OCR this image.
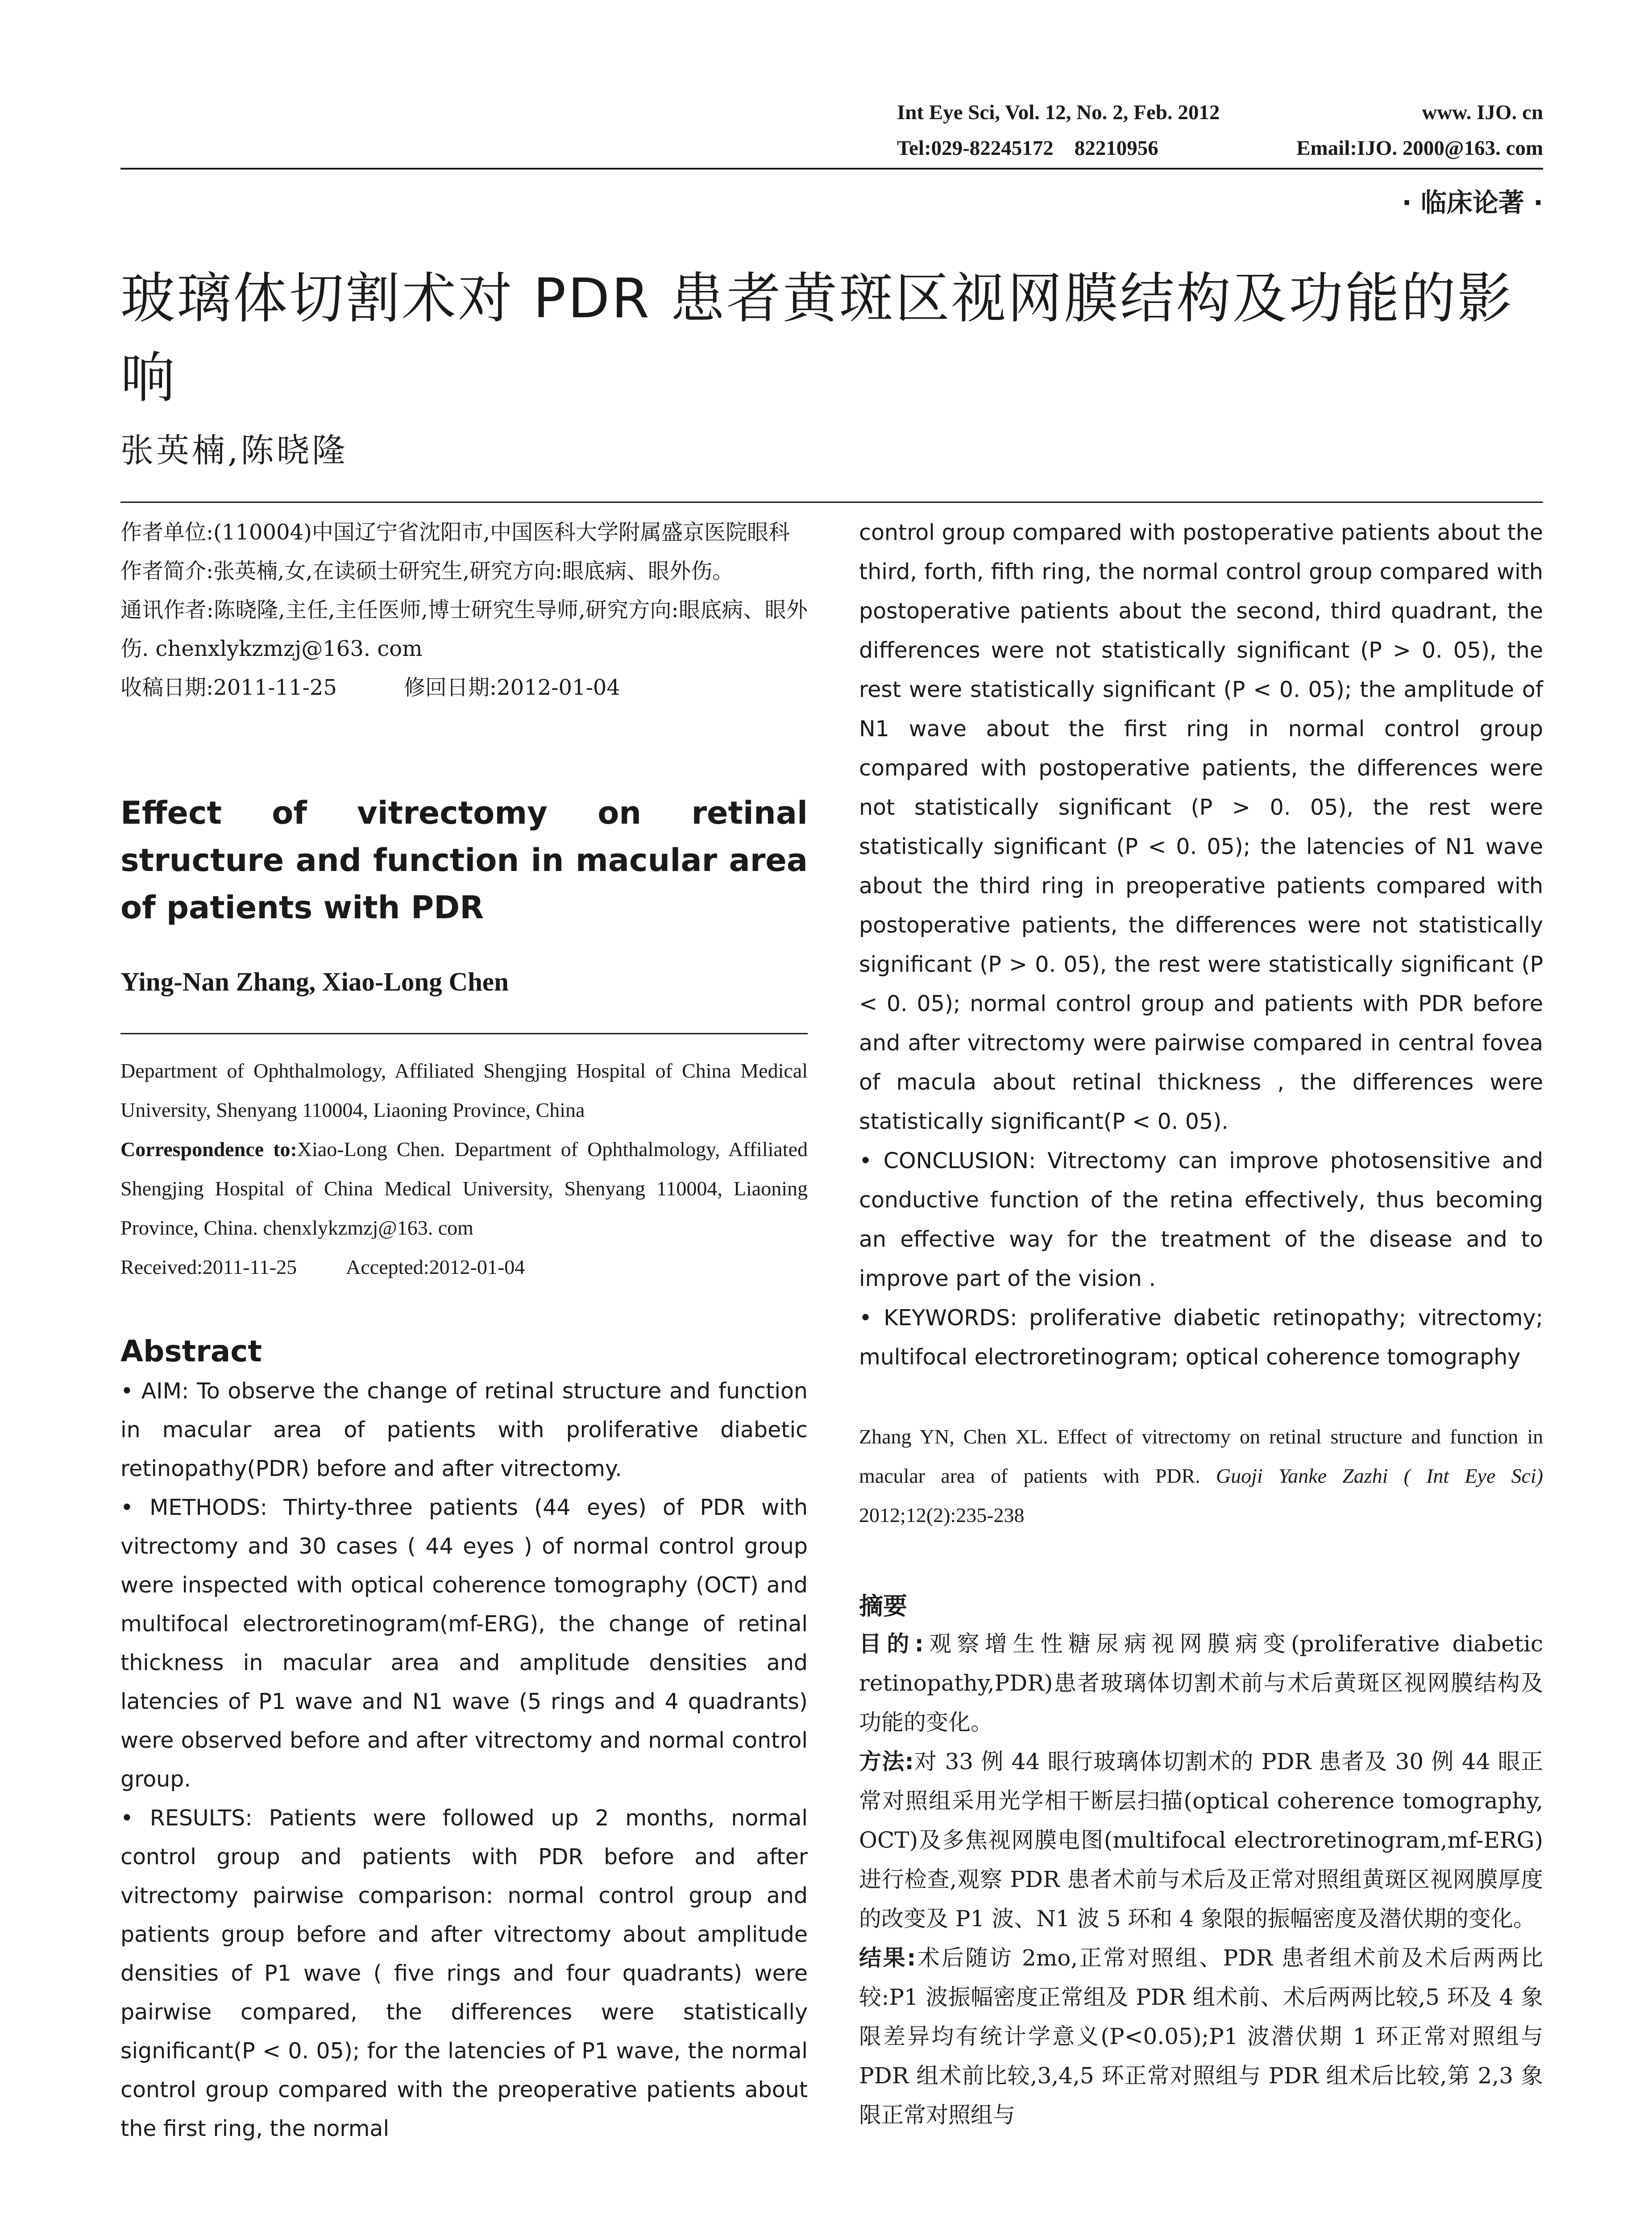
Int Eye Sci, Vol. 12, No. 2, Feb. 2012	www. IJO. cn
Tel:029-82245172    82210956	Email:IJO. 2000@163. com
· 临床论著 ·
玻璃体切割术对 PDR 患者黄斑区视网膜结构及功能的影响
张英楠,陈晓隆

作者单位:(110004)中国辽宁省沈阳市,中国医科大学附属盛京医院眼科

作者简介:张英楠,女,在读硕士研究生,研究方向:眼底病、眼外伤。

通讯作者:陈晓隆,主任,主任医师,博士研究生导师,研究方向:眼底病、眼外伤. chenxlykzmzj@163. com

收稿日期:2011-11-25	修回日期:2012-01-04

Effect of vitrectomy on retinal structure and function in macular area of patients with PDR
Ying-Nan Zhang, Xiao-Long Chen

Department of Ophthalmology, Affiliated Shengjing Hospital of China Medical University, Shenyang 110004, Liaoning Province, China

Correspondence to:Xiao-Long Chen. Department of Ophthalmology, Affiliated Shengjing Hospital of China Medical University, Shenyang 110004, Liaoning Province, China. chenxlykzmzj@163. com

Received:2011-11-25 Accepted:2012-01-04

Abstract

• AIM: To observe the change of retinal structure and function in macular area of patients with proliferative diabetic retinopathy(PDR) before and after vitrectomy.

• METHODS: Thirty-three patients (44 eyes) of PDR with vitrectomy and 30 cases ( 44 eyes ) of normal control group were inspected with optical coherence tomography (OCT) and multifocal electroretinogram(mf-ERG), the change of retinal thickness in macular area and amplitude densities and latencies of P1 wave and N1 wave (5 rings and 4 quadrants) were observed before and after vitrectomy and normal control group.

• RESULTS: Patients were followed up 2 months, normal control group and patients with PDR before and after vitrectomy pairwise comparison: normal control group and patients group before and after vitrectomy about amplitude densities of P1 wave ( five rings and four quadrants) were pairwise compared, the differences were statistically significant(P < 0. 05); for the latencies of P1 wave, the normal control group compared with the preoperative patients about the first ring, the normal

control group compared with postoperative patients about the third, forth, fifth ring, the normal control group compared with postoperative patients about the second, third quadrant, the differences were not statistically significant (P > 0. 05), the rest were statistically significant (P < 0. 05); the amplitude of N1 wave about the first ring in normal control group compared with postoperative patients, the differences were not statistically significant (P > 0. 05), the rest were statistically significant (P < 0. 05); the latencies of N1 wave about the third ring in preoperative patients compared with postoperative patients, the differences were not statistically significant (P > 0. 05), the rest were statistically significant (P < 0. 05); normal control group and patients with PDR before and after vitrectomy were pairwise compared in central fovea of macula about retinal thickness , the differences were statistically significant(P < 0. 05).

• CONCLUSION: Vitrectomy can improve photosensitive and conductive function of the retina effectively, thus becoming an effective way for the treatment of the disease and to improve part of the vision .

• KEYWORDS: proliferative diabetic retinopathy; vitrectomy; multifocal electroretinogram; optical coherence tomography

Zhang YN, Chen XL. Effect of vitrectomy on retinal structure and function in macular area of patients with PDR. Guoji Yanke Zazhi ( Int Eye Sci) 2012;12(2):235-238
摘要

目的:观察增生性糖尿病视网膜病变(proliferative diabetic retinopathy,PDR)患者玻璃体切割术前与术后黄斑区视网膜结构及功能的变化。

方法:对 33 例 44 眼行玻璃体切割术的 PDR 患者及 30 例 44 眼正常对照组采用光学相干断层扫描(optical coherence tomography, OCT)及多焦视网膜电图(multifocal electroretinogram,mf-ERG)进行检查,观察 PDR 患者术前与术后及正常对照组黄斑区视网膜厚度的改变及 P1 波、N1 波 5 环和 4 象限的振幅密度及潜伏期的变化。

结果:术后随访 2mo,正常对照组、PDR 患者组术前及术后两两比较:P1 波振幅密度正常组及 PDR 组术前、术后两两比较,5 环及 4 象限差异均有统计学意义(P<0.05);P1 波潜伏期 1 环正常对照组与 PDR 组术前比较,3,4,5 环正常对照组与 PDR 组术后比较,第 2,3 象限正常对照组与
